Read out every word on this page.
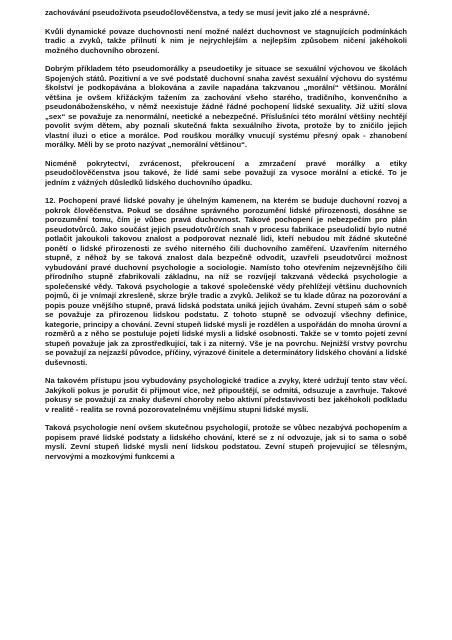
zachovávání pseudoživota pseudočlověčenstva, a tedy se musí jevit jako zlé a nesprávné.

Kvůli dynamické povaze duchovnosti není možné nalézt duchovnost ve stagnujících podmínkách tradic a zvyků, takže přilnutí k nim je nejrychlejším a nejlepším způsobem ničení jakéhokoli možného duchovního obrození.

Dobrým příkladem této pseudomorálky a pseudoetiky je situace se sexuální výchovou ve školách Spojených států. Pozitivní a ve své podstatě duchovní snaha zavést sexuální výchovu do systému školství je podkopávána a blokována a zavile napadána takzvanou „morální“ většinou. Morální většina je ovšem křižáckým tažením za zachování všeho starého, tradičního, konvenčního a pseudonáboženského, v němž neexistuje žádné řádné pochopení lidské sexuality. Již užití slova „sex“ se považuje za nenormální, neetické a nebezpečné. Příslušníci této morální většiny nechtějí povolit svým dětem, aby poznali skutečná fakta sexuálního života, protože by to zničilo jejich vlastní iluzi o etice a morálce. Pod rouškou morálky vnucují systému přesný opak - zhanobení morálky. Měli by se proto nazývat „nemorální většinou“.

Nicméně pokrytectví, zvrácenost, překroucení a zmrzačení pravé morálky a etiky pseudočlověčenstva jsou takové, že lidé sami sebe považují za vysoce morální a etické. To je jedním z vážných důsledků lidského duchovního úpadku.

12. Pochopení pravé lidské povahy je úhelným kamenem, na kterém se buduje duchovní rozvoj a pokrok člověčenstva. Pokud se dosáhne správného porozumění lidské přirozenosti, dosáhne se porozumění tomu, čím je vůbec pravá duchovnost. Takové pochopení je nebezpečím pro plán pseudotvůrců. Jako součást jejich pseudotvůrčích snah v procesu fabrikace pseudolidí bylo nutné potlačit jakoukoli takovou znalost a podporovat neznalé lidi, kteří nebudou mít žádné skutečné ponětí o lidské přirozenosti ze svého niterného čili duchovního zaměření. Uzavřením niterného stupně, z něhož by se taková znalost dala bezpečně odvodit, uzavřeli pseudotvůrci možnost vybudování pravé duchovní psychologie a sociologie. Namísto toho otevřením nejzevnějšího čili přírodního stupně zfabrikovali základnu, na níž se rozvíjejí takzvaná vědecká psychologie a společenské vědy. Taková psychologie a takové společenské vědy přehlížejí většinu duchovních pojmů, či je vnímají zkresleně, skrze brýle tradic a zvyků. Jelikož se tu klade důraz na pozorování a popis pouze vnějšího stupně, pravá lidská podstata uniká jejich úvahám. Zevní stupeň sám o sobě se považuje za přirozenou lidskou podstatu. Z tohoto stupně se odvozují všechny definice, kategorie, principy a chování. Zevní stupeň lidské mysli je rozdělen a uspořádán do mnoha úrovní a rozměrů a z něho se postuluje pojetí lidské mysli a lidské osobnosti. Takže se v tomto pojetí zevní stupeň považuje jak za zprostředkující, tak i za niterný. Vše je na povrchu. Nejnižší vrstvy povrchu se považují za nejzazší původce, příčiny, výrazové činitele a determinátory lidského chování a lidské duševnosti.

Na takovém přístupu jsou vybudovány psychologické tradice a zvyky, které udržují tento stav věcí. Jakýkoli pokus je porušit či přijmout více, než připouštějí, se odmítá, odsuzuje a zavrhuje. Takové pokusy se považují za znaky duševní choroby nebo aktivní představivosti bez jakéhokoli podkladu v realitě - realita se rovná pozorovatelnému vnějšímu stupni lidské mysli.

Taková psychologie není ovšem skutečnou psychologií, protože se vůbec nezabývá pochopením a popisem pravé lidské podstaty a lidského chování, které se z ní odvozuje, jak si to sama o sobě myslí. Zevní stupeň lidské mysli není lidskou podstatou. Zevní stupeň projevující se tělesným, nervovými a mozkovými funkcemi a
